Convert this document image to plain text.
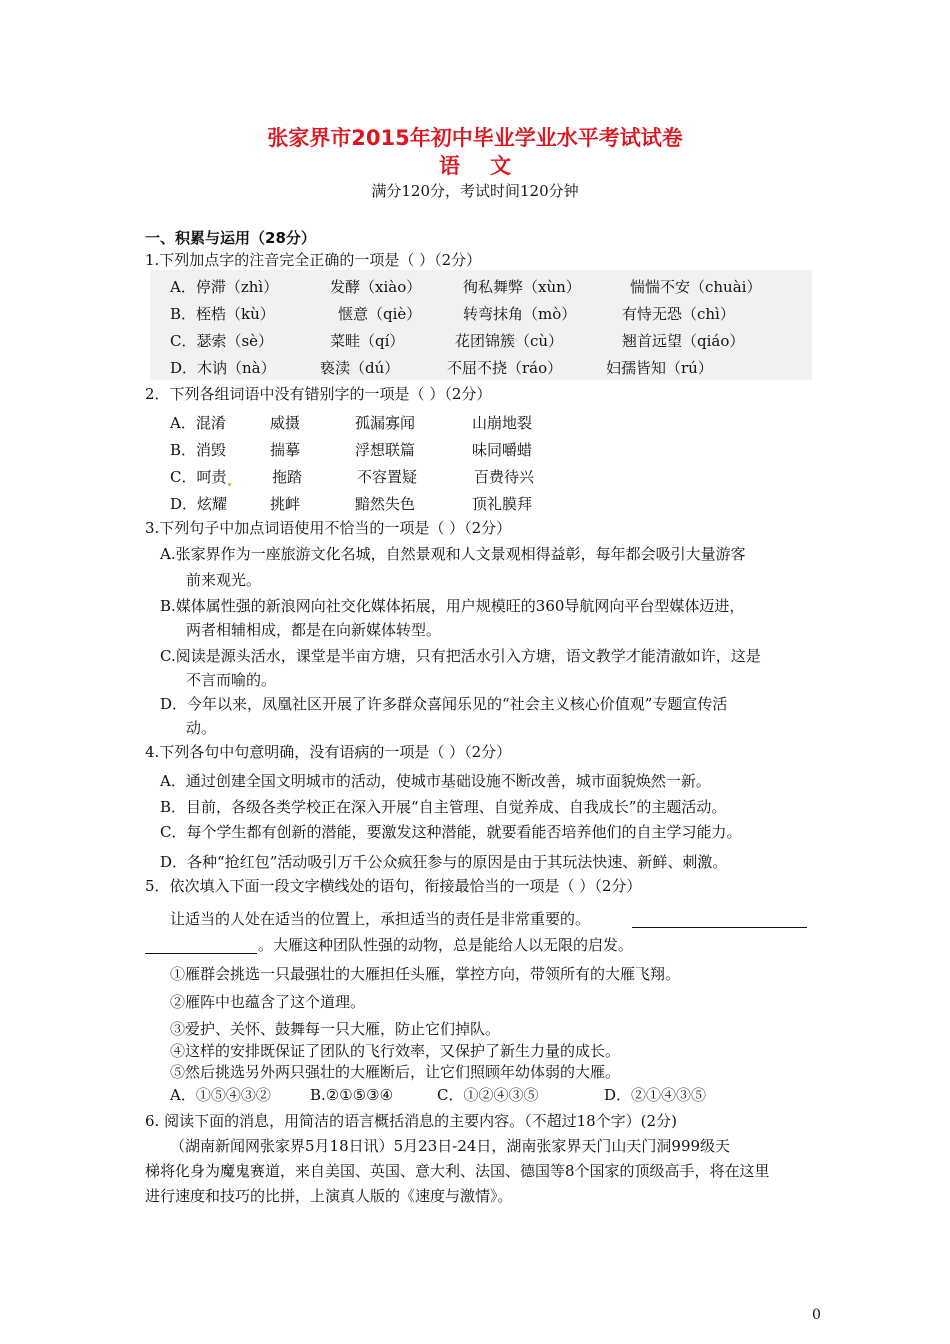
张家界市2015年初中毕业学业水平考试试卷
语文
满分120分，考试时间120分钟
一、积累与运用（28分）
1.下列加点字的注音完全正确的一项是（ ）（2分）
A．停滞（zhì）	发酵（xiào）	徇私舞弊（xùn）	惴惴不安（chuài）
B．桎梏（kù）	惬意（qiè）	转弯抹角（mò）	有恃无恐（chì）
C．瑟索（sè）	菜畦（qí）	花团锦簇（cù）	翘首远望（qiáo）
D．木讷（nà）	亵渎（dú）	不屈不挠（ráo）	妇孺皆知（rú）
2．下列各组词语中没有错别字的一项是（ ）（2分）
A．混淆	威摄	孤漏寡闻	山崩地裂
B．消毁	揣摹	浮想联篇	味同嚼蜡
C．呵责	拖踏	不容置疑	百费待兴
D．炫耀	挑衅	黯然失色	顶礼膜拜
3.下列句子中加点词语使用不恰当的一项是（ ）（2分）
A.张家界作为一座旅游文化名城，自然景观和人文景观相得益彰，每年都会吸引大量游客
前来观光。
B.媒体属性强的新浪网向社交化媒体拓展，用户规模旺的360导航网向平台型媒体迈进，
两者相辅相成，都是在向新媒体转型。
C.阅读是源头活水，课堂是半亩方塘，只有把活水引入方塘，语文教学才能清澈如许，这是
不言而喻的。
D．今年以来，凤凰社区开展了许多群众喜闻乐见的“社会主义核心价值观”专题宣传活
动。
4.下列各句中句意明确，没有语病的一项是（ ）（2分）
A．通过创建全国文明城市的活动，使城市基础设施不断改善，城市面貌焕然一新。
B．目前，各级各类学校正在深入开展“自主管理、自觉养成、自我成长”的主题活动。
C．每个学生都有创新的潜能，要激发这种潜能，就要看能否培养他们的自主学习能力。
D．各种“抢红包”活动吸引万千公众疯狂参与的原因是由于其玩法快速、新鲜、刺激。
5．依次填入下面一段文字横线处的语句，衔接最恰当的一项是（ ）（2分）
让适当的人处在适当的位置上，承担适当的责任是非常重要的。
。大雁这种团队性强的动物，总是能给人以无限的启发。
①雁群会挑选一只最强壮的大雁担任头雁，掌控方向，带领所有的大雁飞翔。
②雁阵中也蕴含了这个道理。
③爱护、关怀、鼓舞每一只大雁，防止它们掉队。
④这样的安排既保证了团队的飞行效率，又保护了新生力量的成长。
⑤然后挑选另外两只强壮的大雁断后，让它们照顾年幼体弱的大雁。
A．①⑤④③②	B.②①⑤③④	C．①②④③⑤	D．②①④③⑤
6. 阅读下面的消息，用简洁的语言概括消息的主要内容。（不超过18个字）(2分)
（湖南新闻网张家界5月18日讯）5月23日-24日，湖南张家界天门山天门洞999级天
梯将化身为魔鬼赛道，来自美国、英国、意大利、法国、德国等8个国家的顶级高手，将在这里
进行速度和技巧的比拼，上演真人版的《速度与激情》。
0
